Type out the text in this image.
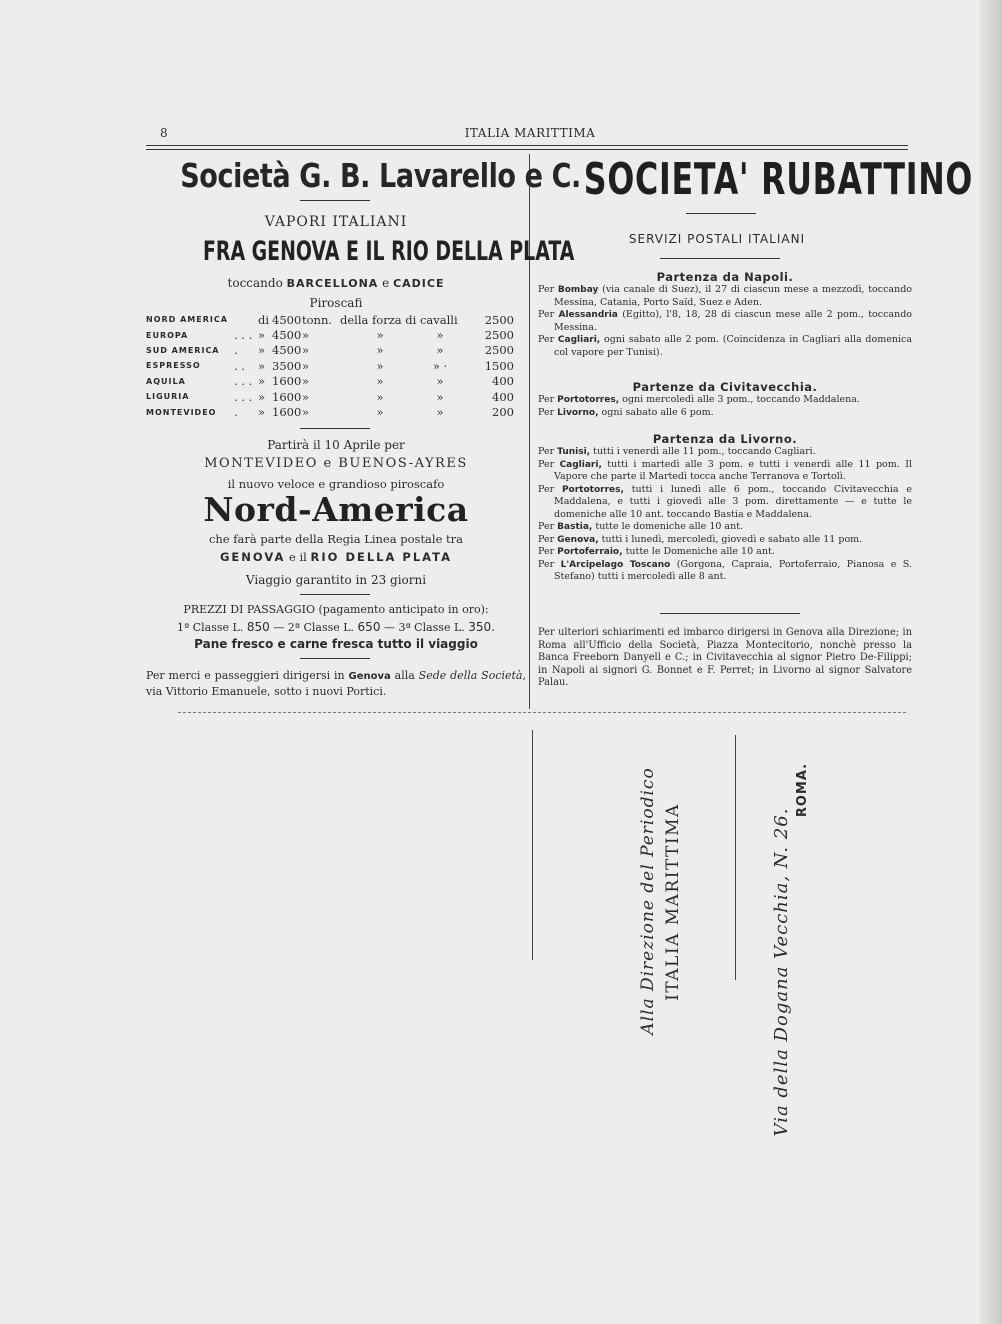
8	ITALIA MARITTIMA
Società G. B. Lavarello e C.
VAPORI ITALIANI
FRA GENOVA E IL RIO DELLA PLATA
toccando BARCELLONA e CADICE
Piroscafi
NORD AMERICA		di	4500	tonn.	della forza di cavalli		2500
EUROPA	. . .	»	4500	»	»	»	2500
SUD AMERICA	.	»	4500	»	»	»	2500
ESPRESSO	. .	»	3500	»	»	» ·	1500
AQUILA	. . .	»	1600	»	»	»	400
LIGURIA	. . .	»	1600	»	»	»	400
MONTEVIDEO	.	»	1600	»	»	»	200
Partirà il 10 Aprile per
MONTEVIDEO e BUENOS-AYRES
il nuovo veloce e grandioso piroscafo
Nord-America
che farà parte della Regia Linea postale tra
GENOVA e il RIO DELLA PLATA
Viaggio garantito in 23 giorni
PREZZI DI PASSAGGIO (pagamento anticipato in oro):
1ª Classe L. 850 — 2ª Classe L. 650 — 3ª Classe L. 350.
Pane fresco e carne fresca tutto il viaggio
Per merci e passeggieri dirigersi in Genova alla Sede della Società, via Vittorio Emanuele, sotto i nuovi Portici.
SOCIETA' RUBATTINO
SERVIZI POSTALI ITALIANI
Partenza da Napoli.
Per Bombay (via canale di Suez), il 27 di ciascun mese a mezzodì, toccando Messina, Catania, Porto Saïd, Suez e Aden.
Per Alessandria (Egitto), l'8, 18, 28 di ciascun mese alle 2 pom., toccando Messina.
Per Cagliari, ogni sabato alle 2 pom. (Coincidenza in Cagliari alla domenica col vapore per Tunisi).
Partenze da Civitavecchia.
Per Portotorres, ogni mercoledì alle 3 pom., toccando Maddalena.
Per Livorno, ogni sabato alle 6 pom.
Partenza da Livorno.
Per Tunisi, tutti i venerdì alle 11 pom., toccando Cagliari.
Per Cagliari, tutti i martedì alle 3 pom. e tutti i venerdì alle 11 pom. Il Vapore che parte il Martedì tocca anche Terranova e Tortolì.
Per Portotorres, tutti i lunedì alle 6 pom., toccando Civitavecchia e Maddalena, e tutti i giovedì alle 3 pom. direttamente — e tutte le domeniche alle 10 ant. toccando Bastia e Maddalena.
Per Bastia, tutte le domeniche alle 10 ant.
Per Genova, tutti i lunedì, mercoledì, giovedì e sabato alle 11 pom.
Per Portoferraio, tutte le Domeniche alle 10 ant.
Per L'Arcipelago Toscano (Gorgona, Capraia, Portoferraio, Pianosa e S. Stefano) tutti i mercoledì alle 8 ant.
Per ulteriori schiarimenti ed imbarco dirigersi in Genova alla Direzione; in Roma all'Ufficio della Società, Piazza Montecitorio, nonchè presso la Banca Freeborn Danyell e C.; in Civitavecchia al signor Pietro De-Filippi; in Napoli ai signori G. Bonnet e F. Perret; in Livorno al signor Salvatore Palau.
Alla Direzione del Periodico ITALIA MARITTIMA	Via della Dogana Vecchia, N. 26.
ROMA.
